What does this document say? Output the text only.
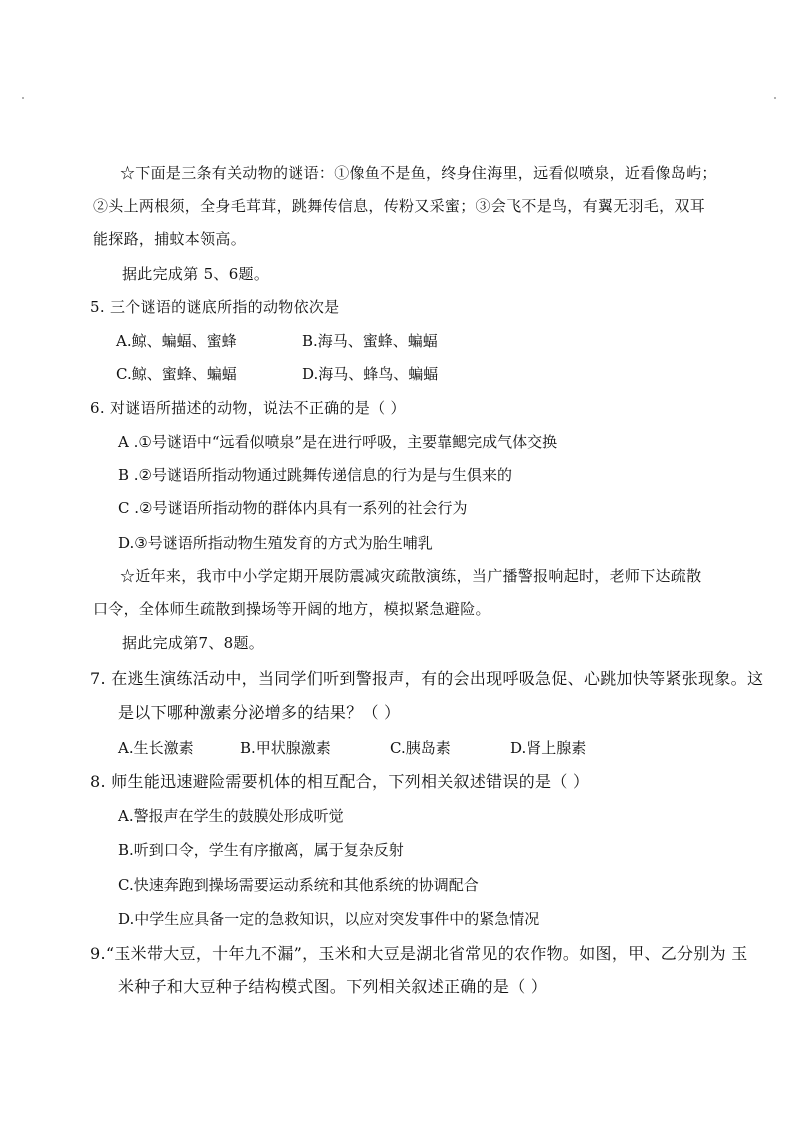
☆下面是三条有关动物的谜语：①像鱼不是鱼，终身住海里，远看似喷泉，近看像岛屿；
②头上两根须，全身毛茸茸，跳舞传信息，传粉又采蜜；③会飞不是鸟，有翼无羽毛，双耳
能探路，捕蚊本领高。
据此完成第 5、6题。
5. 三个谜语的谜底所指的动物依次是
A.鲸、蝙蝠、蜜蜂	B.海马、蜜蜂、蝙蝠
C.鲸、蜜蜂、蝙蝠	D.海马、蜂鸟、蝙蝠
6. 对谜语所描述的动物，说法不正确的是（ ）
A .①号谜语中“远看似喷泉”是在进行呼吸，主要靠鳃完成气体交换
B .②号谜语所指动物通过跳舞传递信息的行为是与生俱来的
C .②号谜语所指动物的群体内具有一系列的社会行为
D.③号谜语所指动物生殖发育的方式为胎生哺乳
☆近年来，我市中小学定期开展防震减灾疏散演练，当广播警报响起时，老师下达疏散
口令，全体师生疏散到操场等开阔的地方，模拟紧急避险。
据此完成第7、8题。
7. 在逃生演练活动中，当同学们听到警报声，有的会出现呼吸急促、心跳加快等紧张现象。这
是以下哪种激素分泌增多的结果？（ ）
A.生长激素	B.甲状腺激素	C.胰岛素	D.肾上腺素
8. 师生能迅速避险需要机体的相互配合，下列相关叙述错误的是（ ）
A.警报声在学生的鼓膜处形成听觉
B.听到口令，学生有序撤离，属于复杂反射
C.快速奔跑到操场需要运动系统和其他系统的协调配合
D.中学生应具备一定的急救知识，以应对突发事件中的紧急情况
9.“玉米带大豆，十年九不漏”，玉米和大豆是湖北省常见的农作物。如图，甲、乙分别为 玉
米种子和大豆种子结构模式图。下列相关叙述正确的是（ ）
